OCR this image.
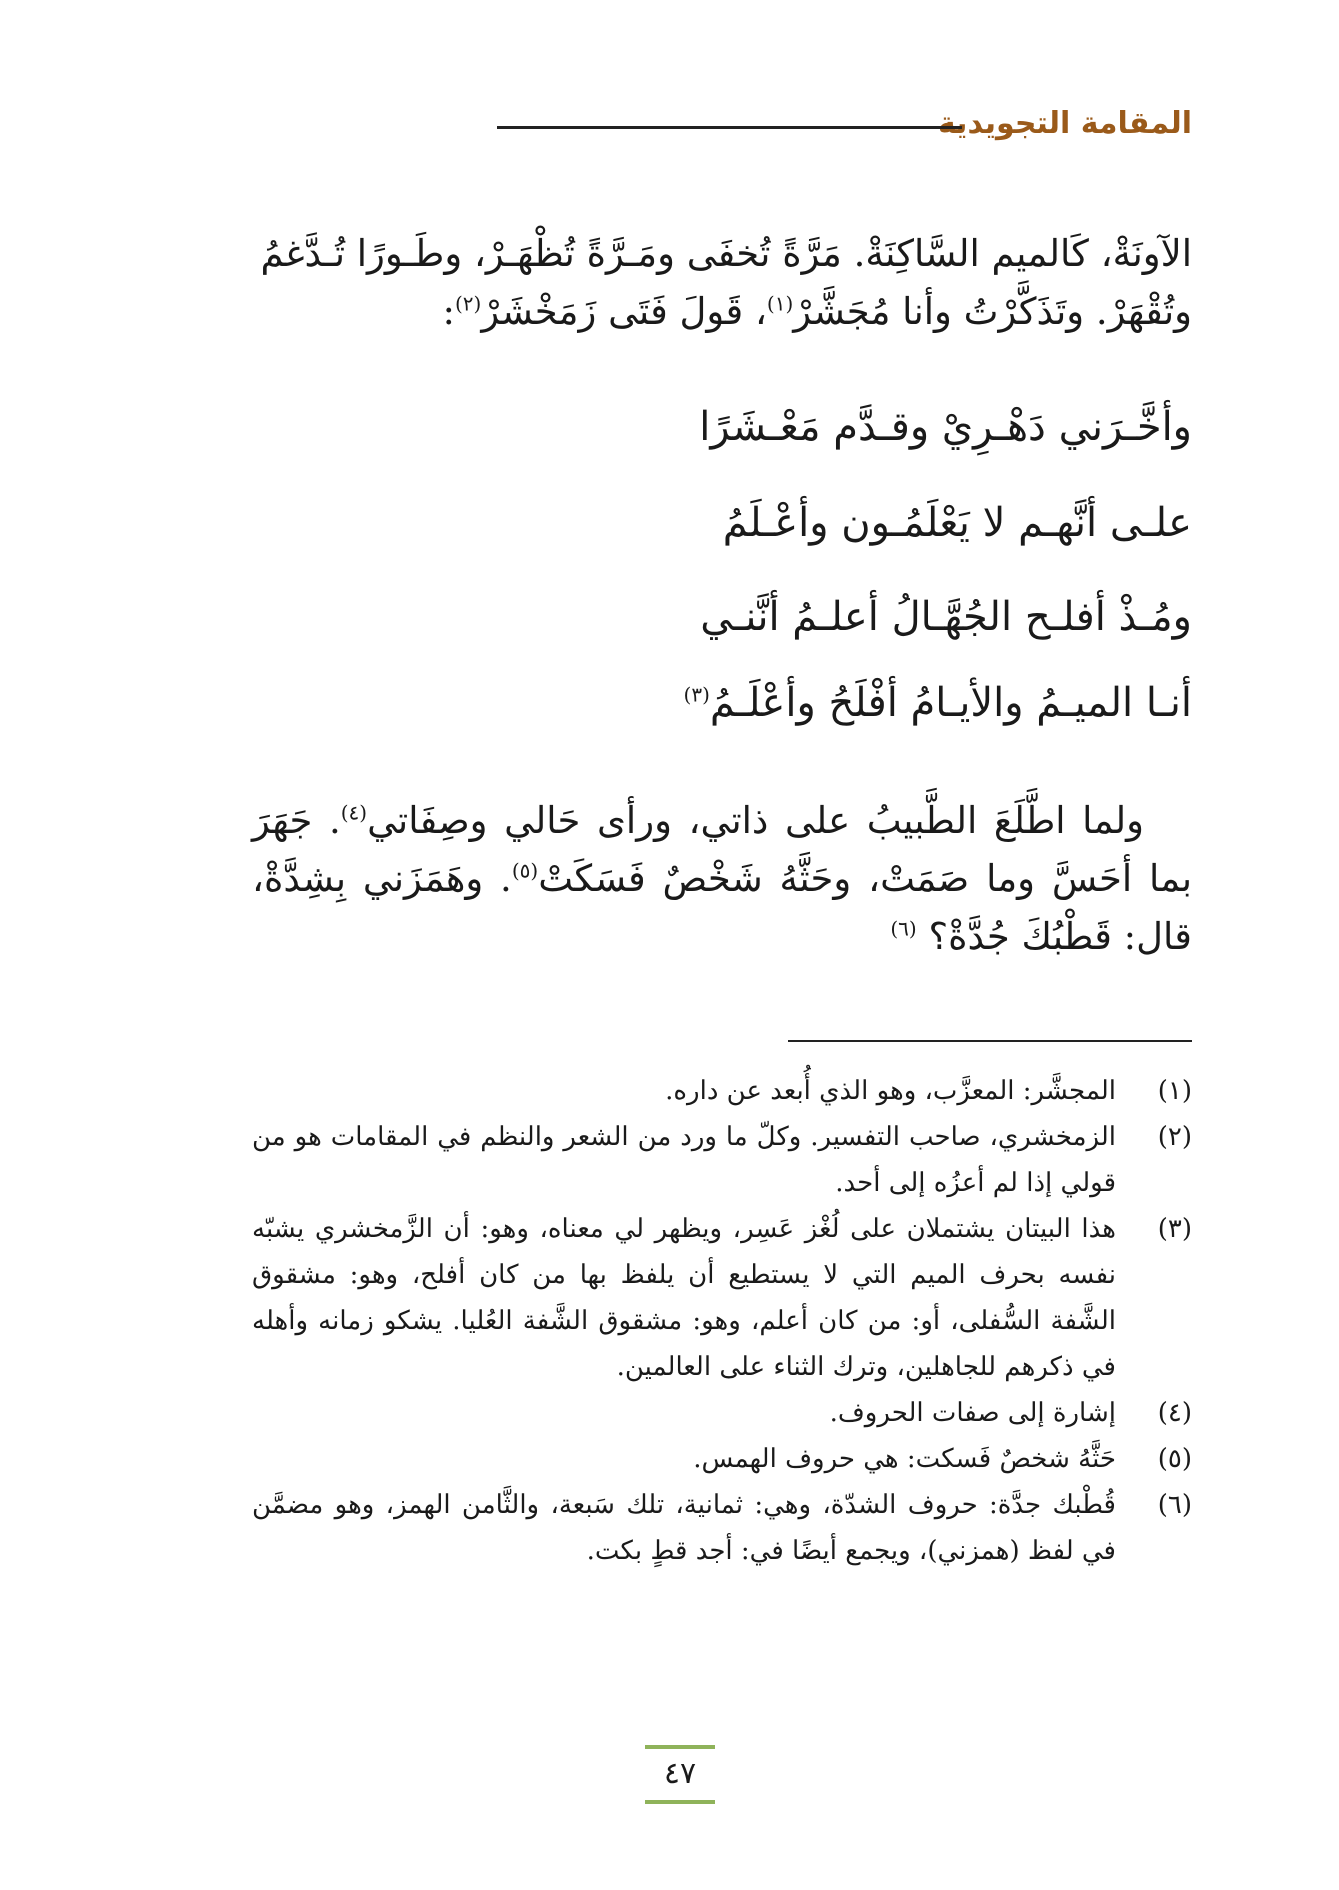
المقامة التجويدية

الآونَةْ، كَالميم السَّاكِنَةْ. مَرَّةً تُخفَى ومَـرَّةً تُظْهَـرْ، وطَـورًا تُـدَّغمُ

وتُقْهَرْ. وتَذَكَّرْتُ وأنا مُجَشَّرْ$^{(١)}$، قَولَ فَتَى زَمَخْشَرْ$^{(٢)}$:

وأخَّـرَني دَهْـرِيْ وقـدَّم مَعْـشَرًا
علـى أنَّهـم لا يَعْلَمُـون وأعْـلَمُ
ومُـذْ أفلـح الجُهَّـالُ أعلـمُ أنَّنـي
أنـا الميـمُ والأيـامُ أفْلَحُ وأعْلَـمُ$^{(٣)}$

ولما اطَّلَعَ الطَّبيبُ على ذاتي، ورأى حَالي وصِفَاتي$^{(٤)}$. جَهَرَ بما أحَسَّ وما صَمَتْ، وحَثَّهُ شَخْصٌ فَسَكَتْ$^{(٥)}$. وهَمَزَني بِشِدَّةْ، قال: قَطْبُكَ جُدَّةْ؟ $^{(٦)}$

(١)
المجشَّر: المعزَّب، وهو الذي أُبعد عن داره.
(٢)
الزمخشري، صاحب التفسير. وكلّ ما ورد من الشعر والنظم في المقامات هو من قولي إذا لم أعزُه إلى أحد.
(٣)
هذا البيتان يشتملان على لُغْز عَسِر، ويظهر لي معناه، وهو: أن الزَّمخشري يشبّه نفسه بحرف الميم التي لا يستطيع أن يلفظ بها من كان أفلح، وهو: مشقوق الشَّفة السُّفلى، أو: من كان أعلم، وهو: مشقوق الشَّفة العُليا. يشكو زمانه وأهله في ذكرهم للجاهلين، وترك الثناء على العالمين.
(٤)
إشارة إلى صفات الحروف.
(٥)
حَثَّهُ شخصٌ فَسكت: هي حروف الهمس.
(٦)
قُطْبك جدَّة: حروف الشدّة، وهي: ثمانية، تلك سَبعة، والثَّامن الهمز، وهو مضمَّن في لفظ (همزني)، ويجمع أيضًا في: أجد قطٍ بكت.
٤٧
